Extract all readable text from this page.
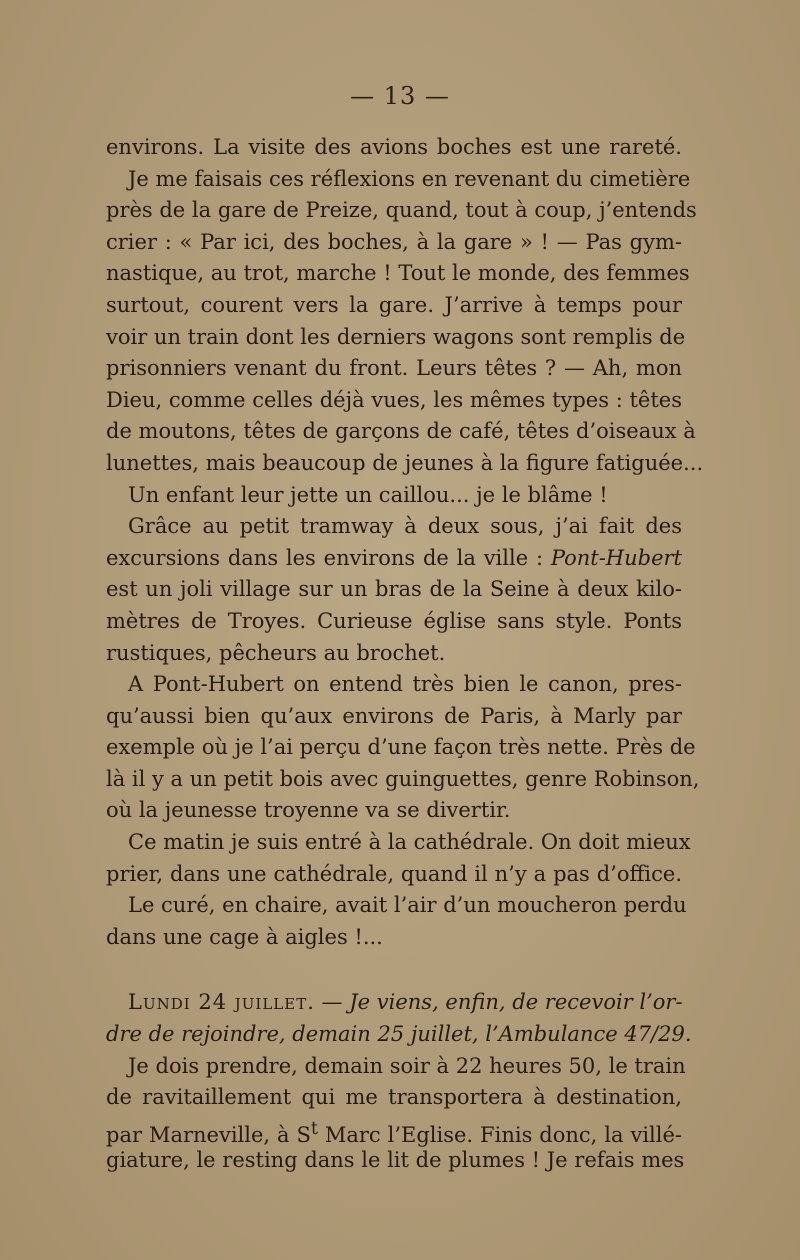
— 13 —
environs. La visite des avions boches est une rareté.
Je me faisais ces réflexions en revenant du cimetière
près de la gare de Preize, quand, tout à coup, j’entends
crier : « Par ici, des boches, à la gare » ! — Pas gym-
nastique, au trot, marche ! Tout le monde, des femmes
surtout, courent vers la gare. J’arrive à temps pour
voir un train dont les derniers wagons sont remplis de
prisonniers venant du front. Leurs têtes ? — Ah, mon
Dieu, comme celles déjà vues, les mêmes types : têtes
de moutons, têtes de garçons de café, têtes d’oiseaux à
lunettes, mais beaucoup de jeunes à la figure fatiguée...
Un enfant leur jette un caillou... je le blâme !
Grâce au petit tramway à deux sous, j’ai fait des
excursions dans les environs de la ville : Pont-Hubert
est un joli village sur un bras de la Seine à deux kilo-
mètres de Troyes. Curieuse église sans style. Ponts
rustiques, pêcheurs au brochet.
A Pont-Hubert on entend très bien le canon, pres-
qu’aussi bien qu’aux environs de Paris, à Marly par
exemple où je l’ai perçu d’une façon très nette. Près de
là il y a un petit bois avec guinguettes, genre Robinson,
où la jeunesse troyenne va se divertir.
Ce matin je suis entré à la cathédrale. On doit mieux
prier, dans une cathédrale, quand il n’y a pas d’office.
Le curé, en chaire, avait l’air d’un moucheron perdu
dans une cage à aigles !...
Lundi 24 juillet. — Je viens, enfin, de recevoir l’or-
dre de rejoindre, demain 25 juillet, l’Ambulance 47/29.
Je dois prendre, demain soir à 22 heures 50, le train
de ravitaillement qui me transportera à destination,
par Marneville, à $S^t$ Marc l’Eglise. Finis donc, la villé-
giature, le resting dans le lit de plumes ! Je refais mes
